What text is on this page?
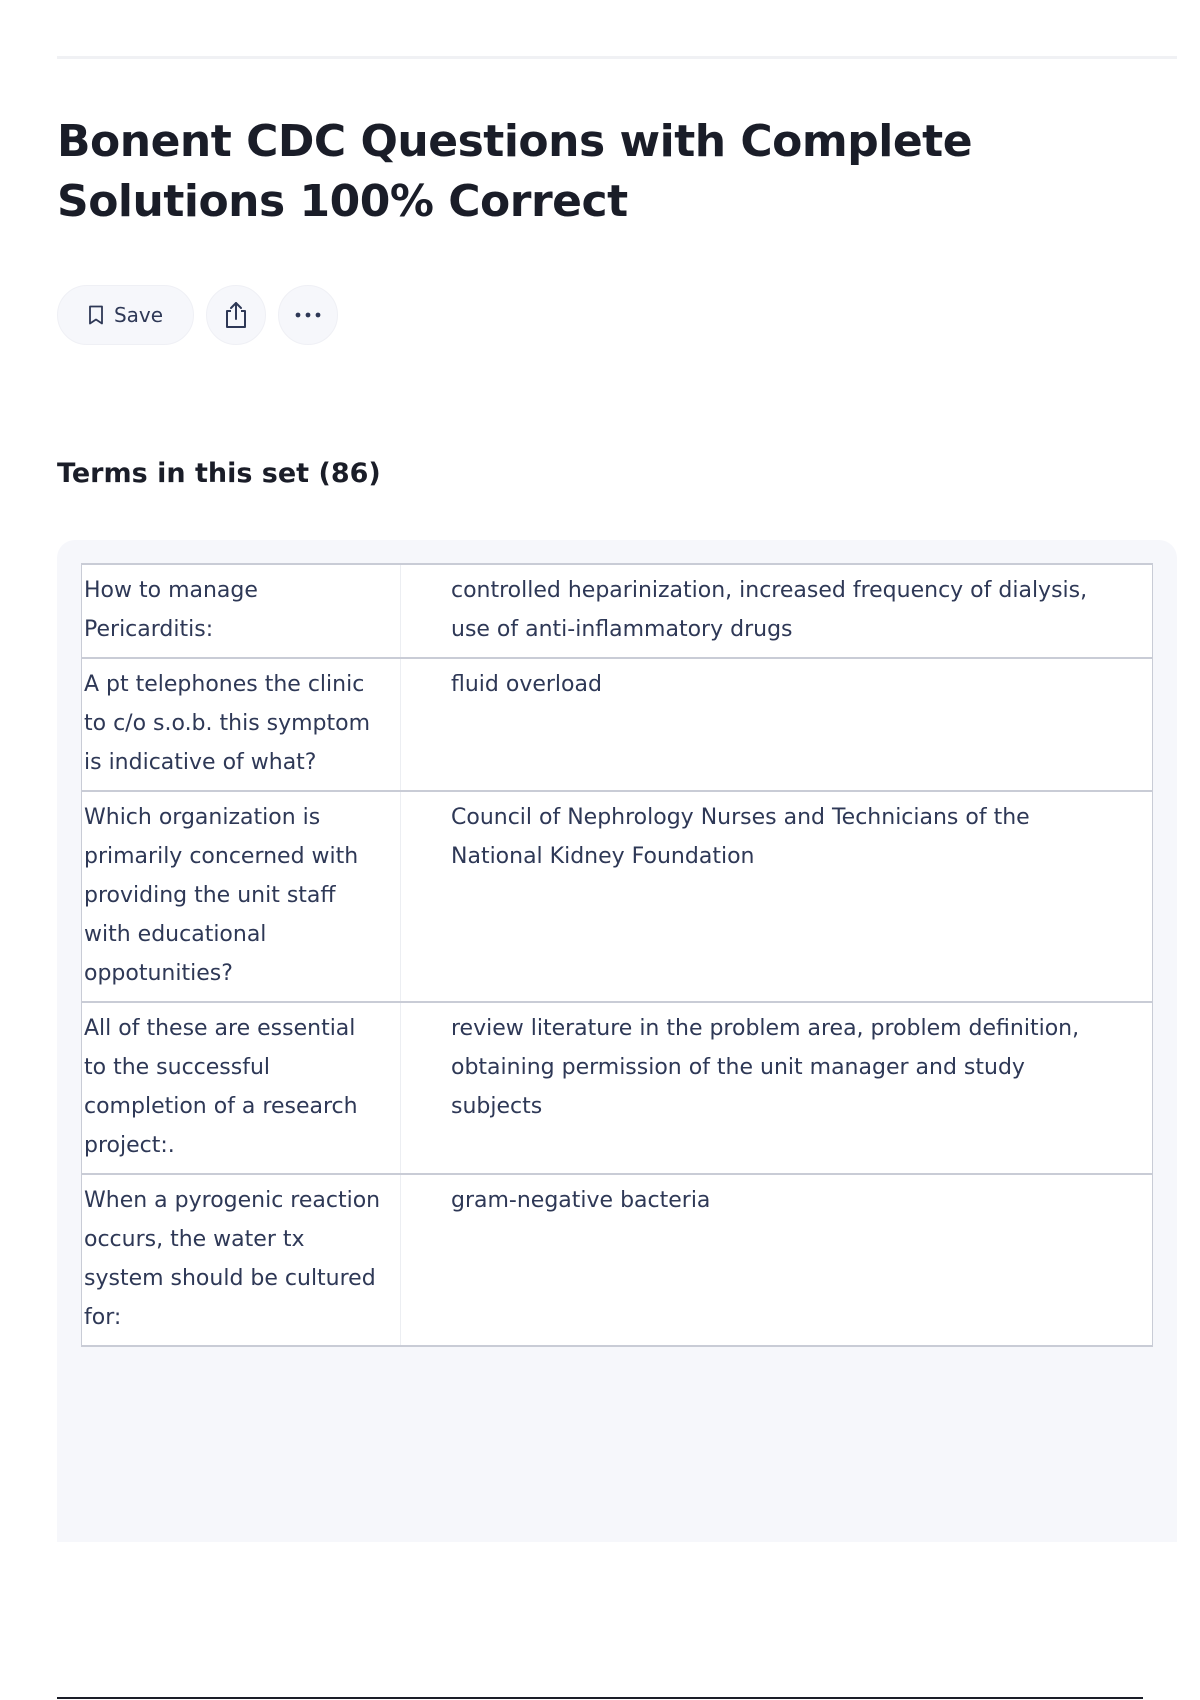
Bonent CDC Questions with Complete Solutions 100% Correct
Save
Terms in this set (86)
How to manage Pericarditis:	controlled heparinization, increased frequency of dialysis, use of anti-inflammatory drugs
A pt telephones the clinic to c/o s.o.b. this symptom is indicative of what?	fluid overload
Which organization is primarily concerned with providing the unit staff with educational oppotunities?	Council of Nephrology Nurses and Technicians of the National Kidney Foundation
All of these are essential to the successful completion of a research project:.	review literature in the problem area, problem definition, obtaining permission of the unit manager and study subjects
When a pyrogenic reaction occurs, the water tx system should be cultured for:	gram-negative bacteria
